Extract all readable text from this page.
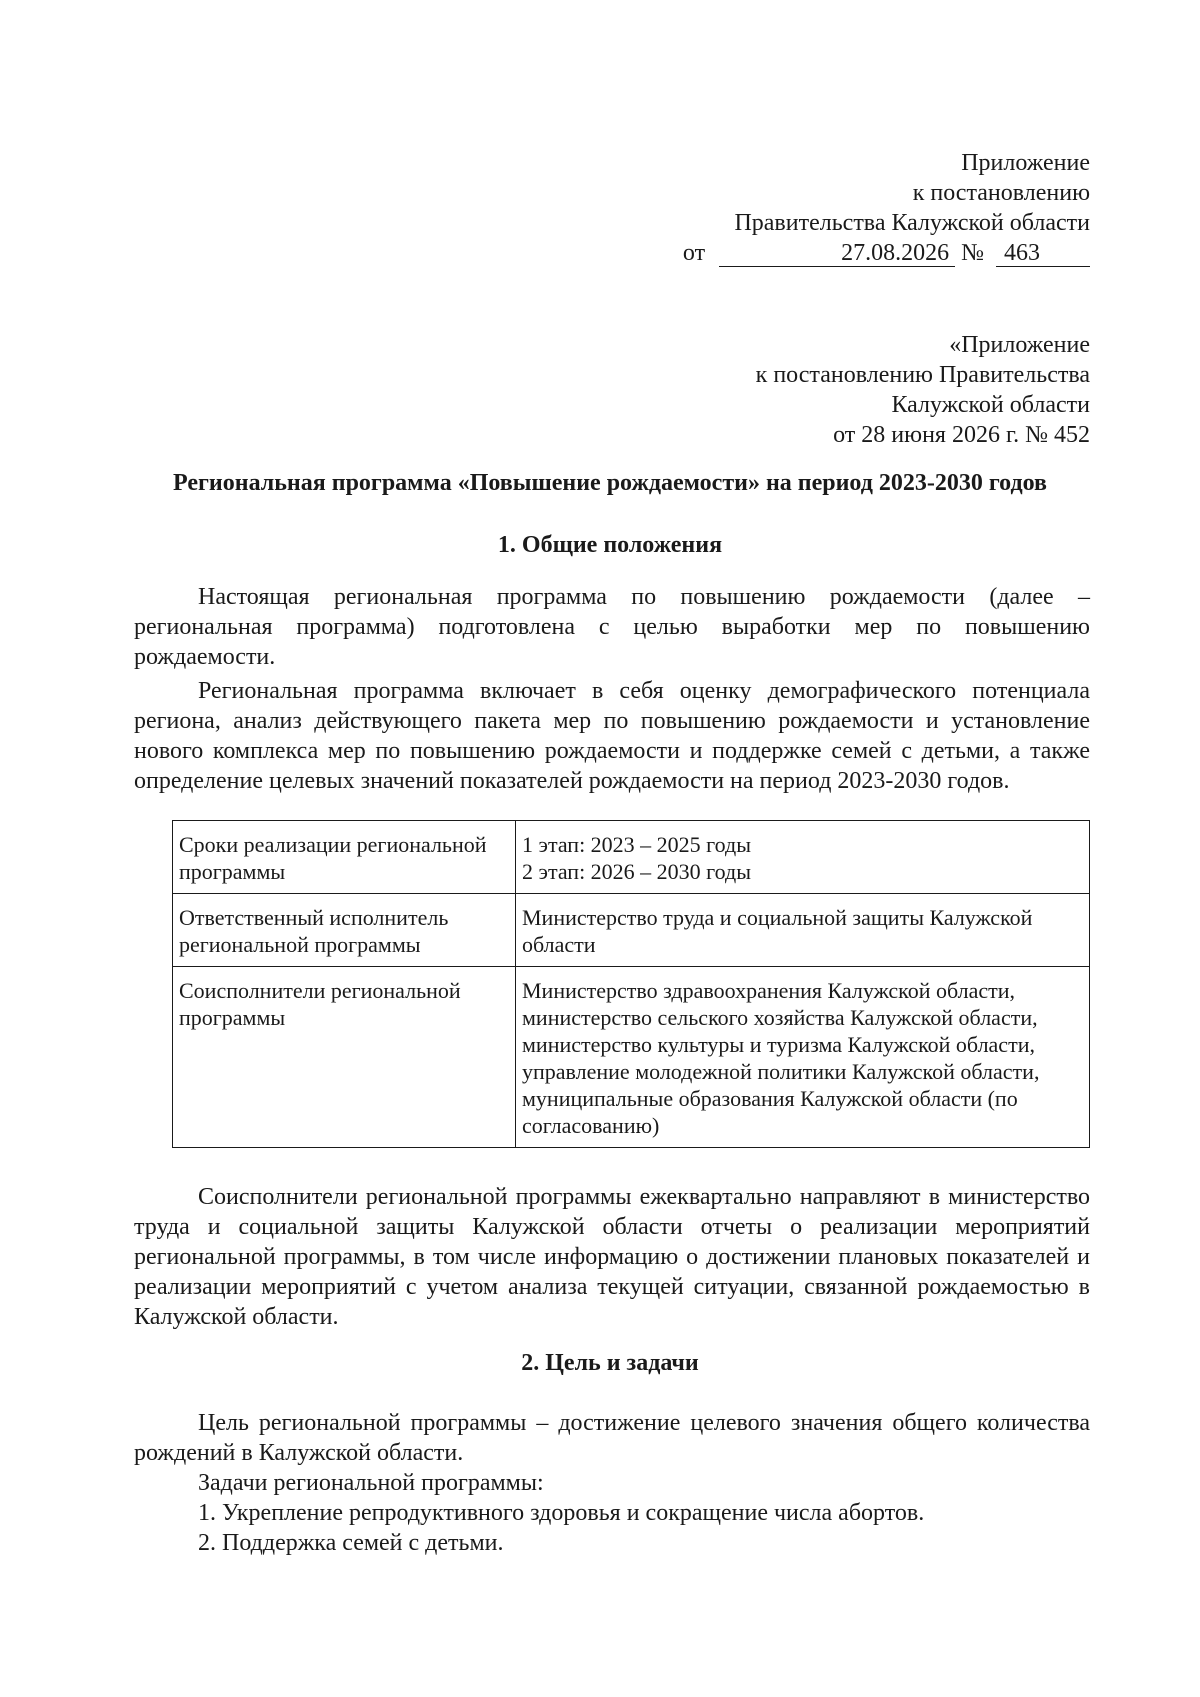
Приложение
к постановлению
Правительства Калужской области
от	27.08.2026 № 463
«Приложение
к постановлению Правительства
Калужской области
от 28 июня 2026 г. № 452
Региональная программа «Повышение рождаемости» на период 2023-2030 годов
1. Общие положения

Настоящая региональная программа по повышению рождаемости (далее – региональная программа) подготовлена с целью выработки мер по повышению рождаемости.

Региональная программа включает в себя оценку демографического потенциала региона, анализ действующего пакета мер по повышению рождаемости и установление нового комплекса мер по повышению рождаемости и поддержке семей с детьми, а также определение целевых значений показателей рождаемости на период 2023-2030 годов.

Сроки реализации региональной программы	1 этап: 2023 – 2025 годы
2 этап: 2026 – 2030 годы

Ответственный исполнитель региональной программы	Министерство труда и социальной защиты Калужской области
Соисполнители региональной программы	Министерство здравоохранения Калужской области, министерство сельского хозяйства Калужской области, министерство культуры и туризма Калужской области, управление молодежной политики Калужской области, муниципальные образования Калужской области (по согласованию)

Соисполнители региональной программы ежеквартально направляют в министерство труда и социальной защиты Калужской области отчеты о реализации мероприятий региональной программы, в том числе информацию о достижении плановых показателей и реализации мероприятий с учетом анализа текущей ситуации, связанной рождаемостью в Калужской области.

2. Цель и задачи

Цель региональной программы – достижение целевого значения общего количества рождений в Калужской области.

Задачи региональной программы:

1. Укрепление репродуктивного здоровья и сокращение числа абортов.

2. Поддержка семей с детьми.
